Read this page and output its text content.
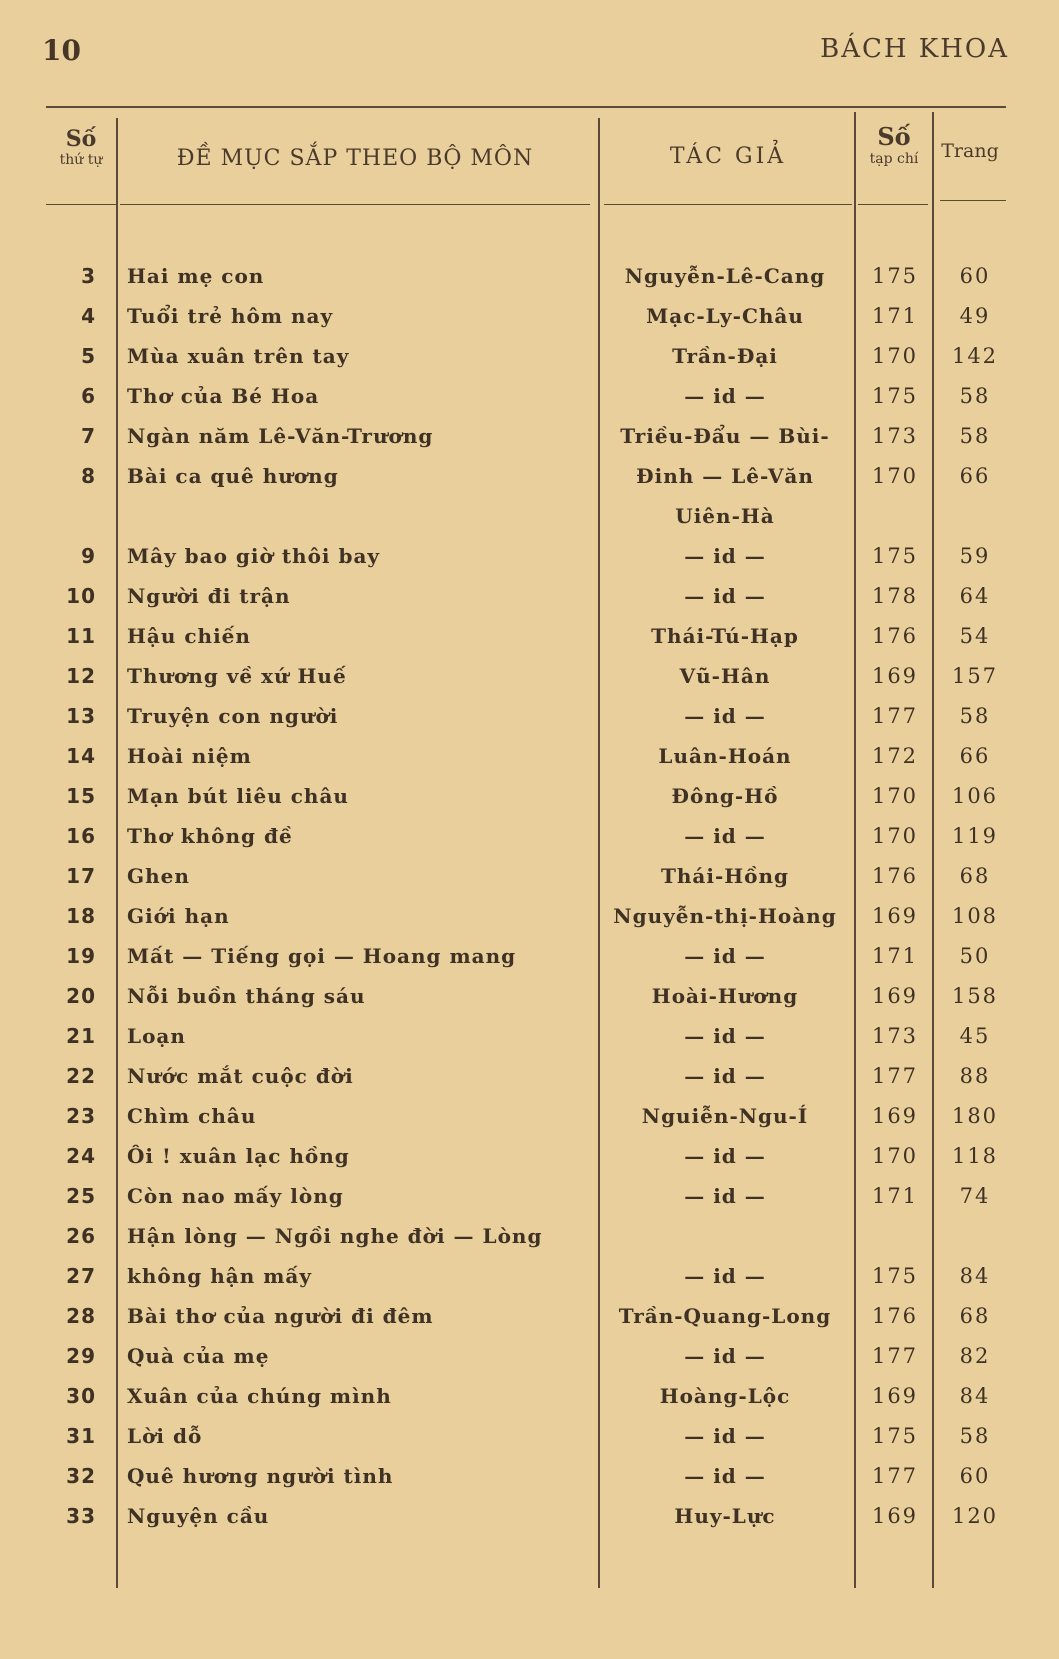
10	BÁCH KHOA
Số
thứ tự	ĐỀ MỤC SẮP THEO BỘ MÔN	TÁC GIẢ
Số
tạp chí	Trang
3 Hai mẹ con	Nguyễn-Lê-Cang	175	60
4 Tuổi trẻ hôm nay	Mạc-Ly-Châu	171	49
5 Mùa xuân trên tay	Trần-Đại	170	142
6 Thơ của Bé Hoa	— id —	175	58
7 Ngàn năm Lê-Văn-Trương	Triều-Đẩu — Bùi-	173	58
8 Bài ca quê hương	Đinh — Lê-Văn	170	66
Uiên-Hà
9 Mây bao giờ thôi bay	— id —	175	59
10 Người đi trận	— id —	178	64
11 Hậu chiến	Thái-Tú-Hạp	176	54
12 Thương về xứ Huế	Vũ-Hân	169	157
13 Truyện con người	— id —	177	58
14 Hoài niệm	Luân-Hoán	172	66
15 Mạn bút liêu châu	Đông-Hồ	170	106
16 Thơ không đề	— id —	170	119
17 Ghen	Thái-Hồng	176	68
18 Giới hạn	Nguyễn-thị-Hoàng	169	108
19 Mất — Tiếng gọi — Hoang mang	— id —	171	50
20 Nỗi buồn tháng sáu	Hoài-Hương	169	158
21 Loạn	— id —	173	45
22 Nước mắt cuộc đời	— id —	177	88
23 Chìm châu	Nguiễn-Ngu-Í	169	180
24 Ôi ! xuân lạc hồng	— id —	170	118
25 Còn nao mấy lòng	— id —	171	74
26 Hận lòng — Ngồi nghe đời — Lòng
27 không hận mấy	— id —	175	84
28 Bài thơ của người đi đêm	Trần-Quang-Long	176	68
29 Quà của mẹ	— id —	177	82
30 Xuân của chúng mình	Hoàng-Lộc	169	84
31 Lời dỗ	— id —	175	58
32 Quê hương người tình	— id —	177	60
33 Nguyện cầu	Huy-Lực	169	120
